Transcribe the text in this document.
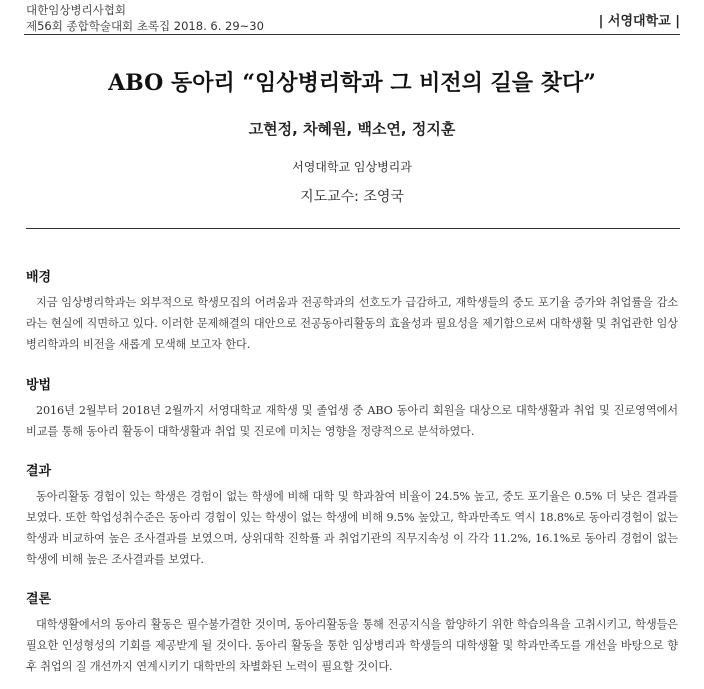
대한임상병리사협회
제56회 종합학술대회 초록집 2018. 6. 29~30	| 서영대학교 |
ABO 동아리 “임상병리학과 그 비전의 길을 찾다”
고현정, 차혜원, 백소연, 정지훈
서영대학교 임상병리과
지도교수: 조영국
배경

지금 임상병리학과는 외부적으로 학생모집의 어려움과 전공학과의 선호도가 급감하고, 재학생들의 중도 포기율 증가와 취업률을 감소라는 현실에 직면하고 있다. 이러한 문제해결의 대안으로 전공동아리활동의 효율성과 필요성을 제기함으로써 대학생활 및 취업관한 임상병리학과의 비전을 새롭게 모색해 보고자 한다.

방법

2016년 2월부터 2018년 2월까지 서영대학교 재학생 및 졸업생 중 ABO 동아리 회원을 대상으로 대학생활과 취업 및 진로영역에서 비교를 통해 동아리 활동이 대학생활과 취업 및 진로에 미치는 영향을 정량적으로 분석하였다.

결과

동아리활동 경험이 있는 학생은 경험이 없는 학생에 비해 대학 및 학과참여 비율이 24.5% 높고, 중도 포기율은 0.5% 더 낮은 결과를 보였다. 또한 학업성취수준은 동아리 경험이 있는 학생이 없는 학생에 비해 9.5% 높았고, 학과만족도 역시 18.8%로 동아리경험이 없는 학생과 비교하여 높은 조사결과를 보였으며, 상위대학 진학률 과 취업기관의 직무지속성 이 각각 11.2%, 16.1%로 동아리 경험이 없는 학생에 비해 높은 조사결과를 보였다.

결론

대학생활에서의 동아리 활동은 필수불가결한 것이며, 동아리활동을 통해 전공지식을 함양하기 위한 학습의욕을 고취시키고, 학생들은 필요한 인성형성의 기회를 제공받게 될 것이다. 동아리 활동을 통한 임상병리과 학생들의 대학생활 및 학과만족도를 개선을 바탕으로 향후 취업의 질 개선까지 연계시키기 대학만의 차별화된 노력이 필요할 것이다.
